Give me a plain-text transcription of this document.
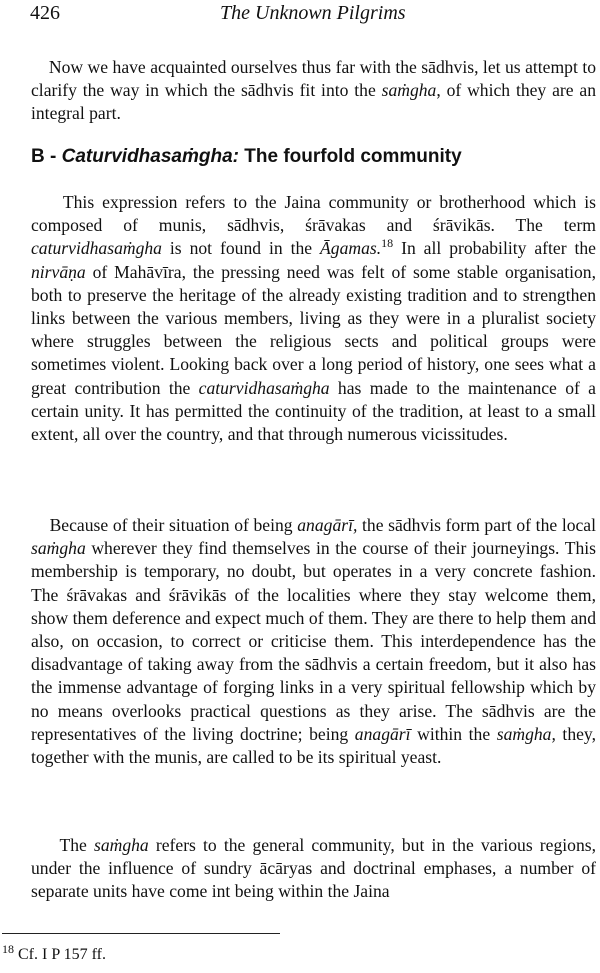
426	The Unknown Pilgrims

Now we have acquainted ourselves thus far with the sādhvis, let us attempt to clarify the way in which the sādhvis fit into the saṁgha, of which they are an integral part.

B - Caturvidhasaṁgha: The fourfold community

This expression refers to the Jaina community or brotherhood which is composed of munis, sādhvis, śrāvakas and śrāvikās. The term caturvidhasaṁgha is not found in the Āgamas.$^{18}$ In all probability after the nirvāṇa of Mahāvīra, the pressing need was felt of some stable organisation, both to preserve the heritage of the already existing tradition and to strengthen links between the various members, living as they were in a pluralist society where struggles between the religious sects and political groups were sometimes violent. Looking back over a long period of history, one sees what a great contribution the caturvidhasaṁgha has made to the maintenance of a certain unity. It has permitted the continuity of the tradition, at least to a small extent, all over the country, and that through numerous vicissitudes.

Because of their situation of being anagārī, the sādhvis form part of the local saṁgha wherever they find themselves in the course of their journeyings. This membership is temporary, no doubt, but operates in a very concrete fashion. The śrāvakas and śrāvikās of the localities where they stay welcome them, show them deference and expect much of them. They are there to help them and also, on occasion, to correct or criticise them. This interdependence has the disadvantage of taking away from the sādhvis a certain freedom, but it also has the immense advantage of forging links in a very spiritual fellowship which by no means overlooks practical questions as they arise. The sādhvis are the representatives of the living doctrine; being anagārī within the saṁgha, they, together with the munis, are called to be its spiritual yeast.

The saṁgha refers to the general community, but in the various regions, under the influence of sundry ācāryas and doctrinal emphases, a number of separate units have come int being within the Jaina

$^{18}$ Cf. I P 157 ff.
